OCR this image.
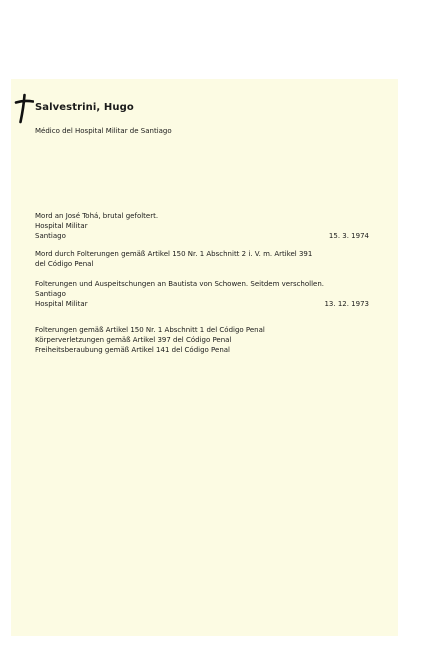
Salvestrini, Hugo
Médico del Hospital Militar de Santiago
Mord an José Tohá, brutal gefoltert.
Hospital Militar
Santiago	15. 3. 1974
Mord durch Folterungen gemäß Artikel 150 Nr. 1 Abschnitt 2 i. V. m. Artikel 391
del Código Penal
Folterungen und Auspeitschungen an Bautista von Schowen. Seitdem verschollen.
Santiago
Hospital Militar	13. 12. 1973
Folterungen gemäß Artikel 150 Nr. 1 Abschnitt 1 del Código Penal
Körperverletzungen gemäß Artikel 397 del Código Penal
Freiheitsberaubung gemäß Artikel 141 del Código Penal
